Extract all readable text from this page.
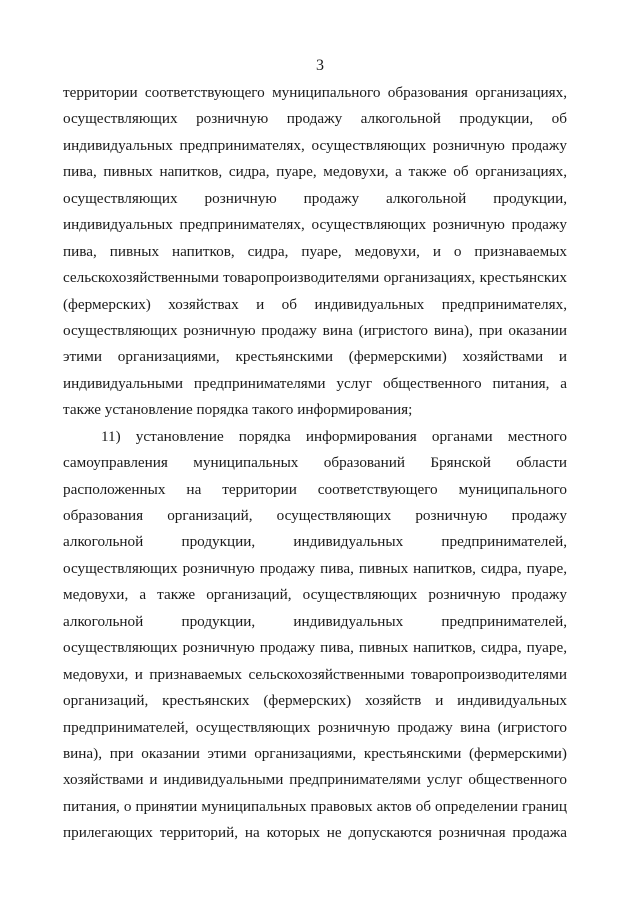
3
территории соответствующего муниципального образования организациях,
осуществляющих розничную продажу алкогольной продукции, об
индивидуальных предпринимателях, осуществляющих розничную продажу
пива, пивных напитков, сидра, пуаре, медовухи, а также об организациях,
осуществляющих розничную продажу алкогольной продукции,
индивидуальных предпринимателях, осуществляющих розничную продажу
пива, пивных напитков, сидра, пуаре, медовухи, и о признаваемых
сельскохозяйственными товаропроизводителями организациях, крестьянских
(фермерских) хозяйствах и об индивидуальных предпринимателях,
осуществляющих розничную продажу вина (игристого вина), при оказании
этими организациями, крестьянскими (фермерскими) хозяйствами и
индивидуальными предпринимателями услуг общественного питания, а
также установление порядка такого информирования;
11) установление порядка информирования органами местного
самоуправления муниципальных образований Брянской области
расположенных на территории соответствующего муниципального
образования организаций, осуществляющих розничную продажу
алкогольной продукции, индивидуальных предпринимателей,
осуществляющих розничную продажу пива, пивных напитков, сидра, пуаре,
медовухи, а также организаций, осуществляющих розничную продажу
алкогольной продукции, индивидуальных предпринимателей,
осуществляющих розничную продажу пива, пивных напитков, сидра, пуаре,
медовухи, и признаваемых сельскохозяйственными товаропроизводителями
организаций, крестьянских (фермерских) хозяйств и индивидуальных
предпринимателей, осуществляющих розничную продажу вина (игристого
вина), при оказании этими организациями, крестьянскими (фермерскими)
хозяйствами и индивидуальными предпринимателями услуг общественного
питания, о принятии муниципальных правовых актов об определении границ
прилегающих территорий, на которых не допускаются розничная продажа
